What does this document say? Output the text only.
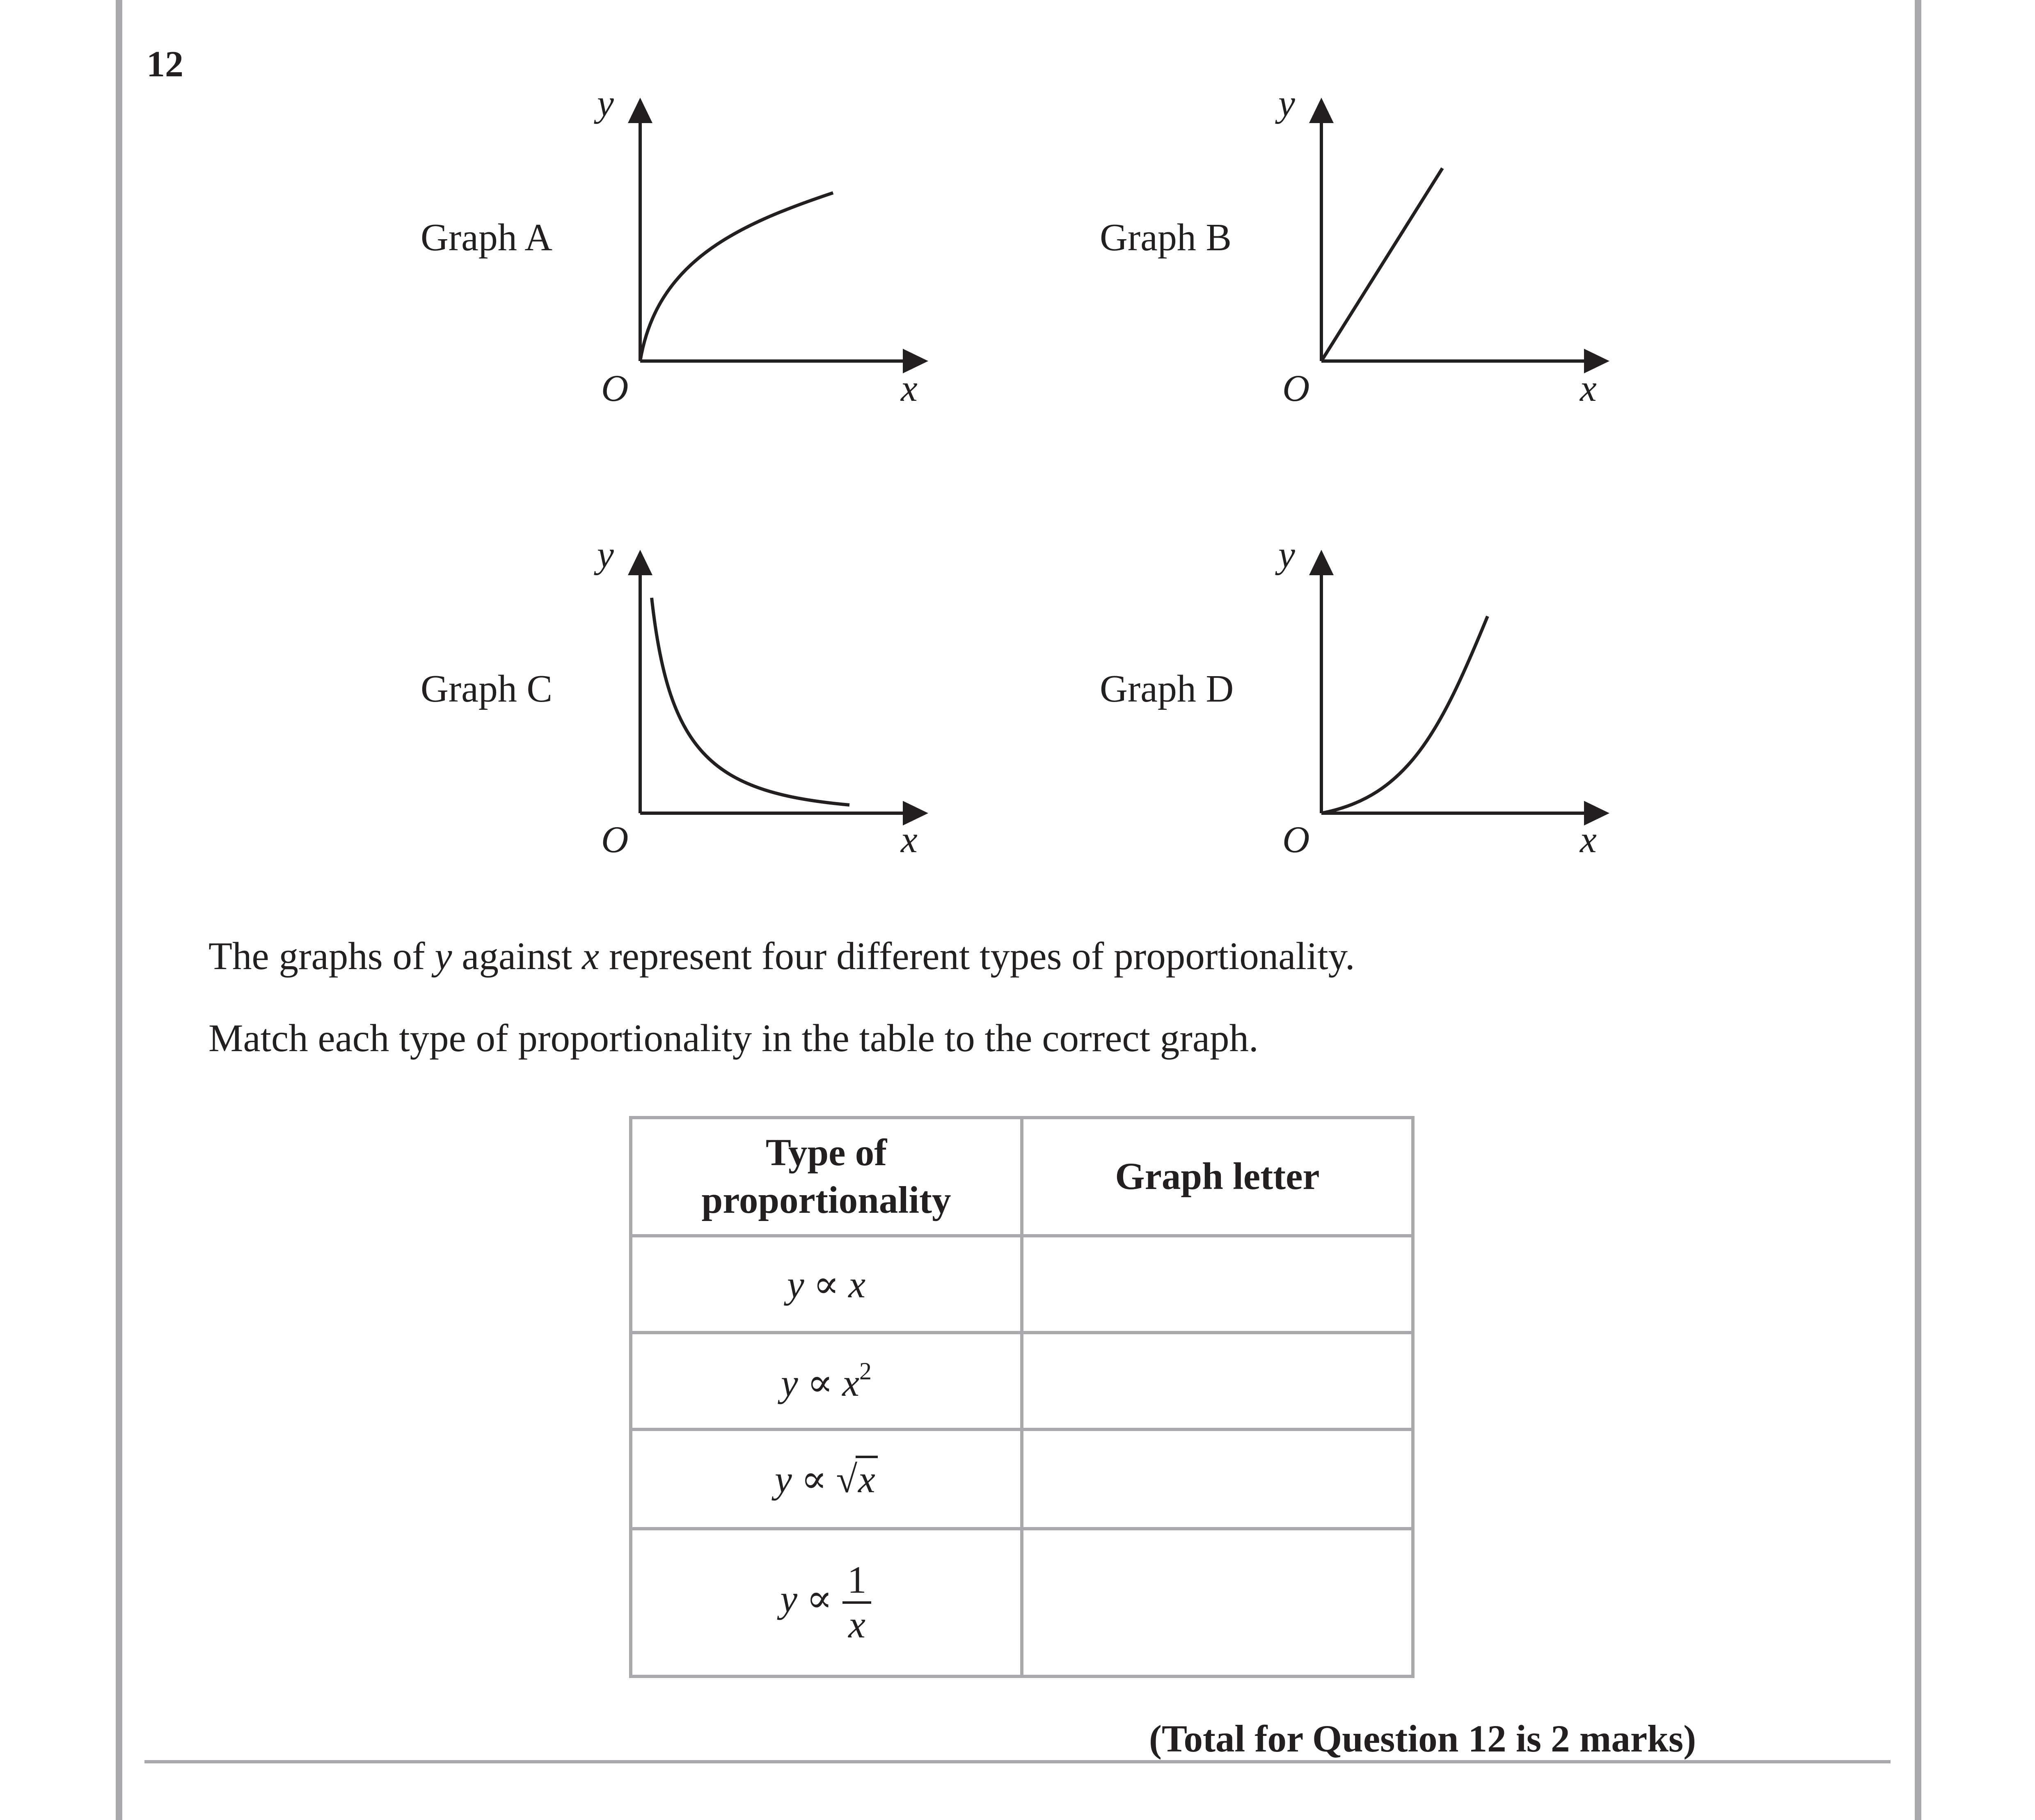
12
Graph A
y
O	x
Graph B
y
O	x
Graph C
y
O	x
Graph D
y
O	x
The graphs of y against x represent four different types of proportionality.
Match each type of proportionality in the table to the correct graph.
Type of
proportionality	Graph letter
y ∝ x	
$y \propto x^2$	
y ∝ √x	
$y \propto \frac{1}{x}$

(Total for Question 12 is 2 marks)
